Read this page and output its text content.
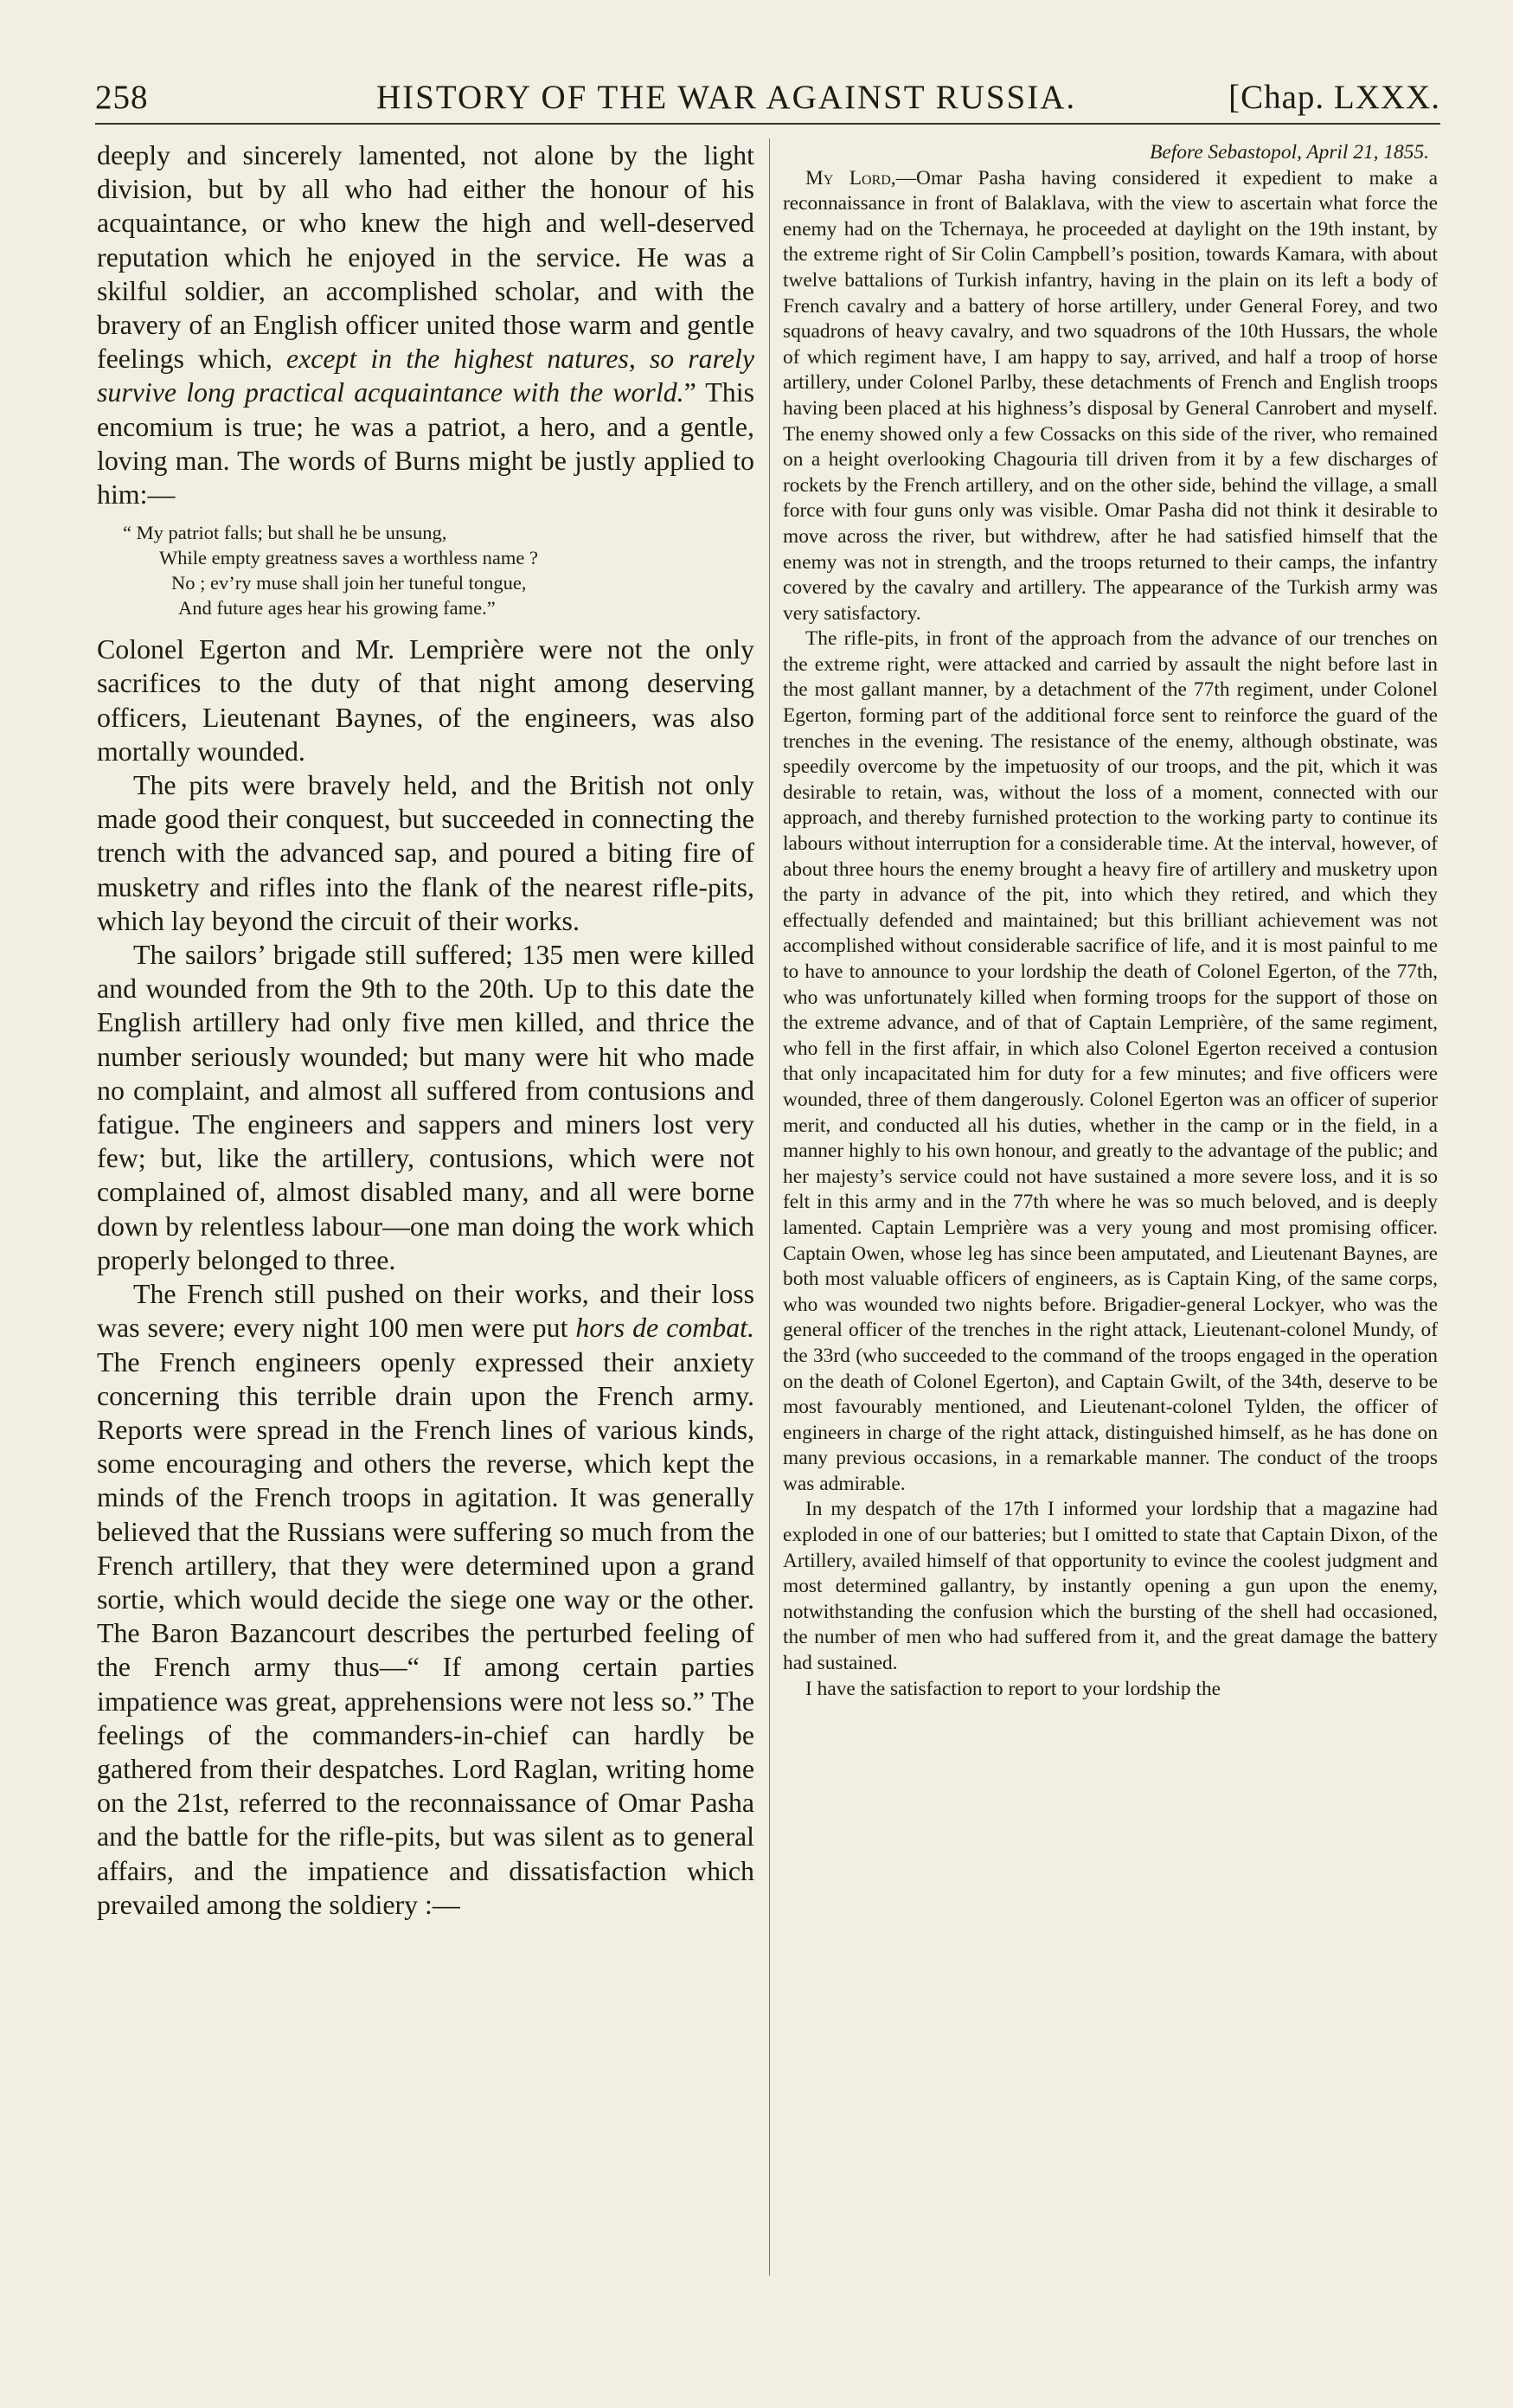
258	HISTORY OF THE WAR AGAINST RUSSIA.	[Chap. LXXX.

deeply and sincerely lamented, not alone by the light division, but by all who had either the honour of his acquaintance, or who knew the high and well-deserved reputation which he enjoyed in the service. He was a skilful soldier, an accomplished scholar, and with the bravery of an English officer united those warm and gentle feelings which, except in the highest natures, so rarely survive long practical acquaintance with the world.” This encomium is true; he was a patriot, a hero, and a gentle, loving man. The words of Burns might be justly applied to him:—

“ My patriot falls; but shall he be unsung,
While empty greatness saves a worthless name ?
No ; ev’ry muse shall join her tuneful tongue,
And future ages hear his growing fame.”

Colonel Egerton and Mr. Lemprière were not the only sacrifices to the duty of that night among deserving officers, Lieutenant Baynes, of the engineers, was also mortally wounded.

The pits were bravely held, and the British not only made good their conquest, but succeeded in connecting the trench with the advanced sap, and poured a biting fire of musketry and rifles into the flank of the nearest rifle-pits, which lay beyond the circuit of their works.

The sailors’ brigade still suffered; 135 men were killed and wounded from the 9th to the 20th. Up to this date the English artillery had only five men killed, and thrice the number seriously wounded; but many were hit who made no complaint, and almost all suffered from contusions and fatigue. The engineers and sappers and miners lost very few; but, like the artillery, contusions, which were not complained of, almost disabled many, and all were borne down by relentless labour—one man doing the work which properly belonged to three.

The French still pushed on their works, and their loss was severe; every night 100 men were put hors de combat. The French engineers openly expressed their anxiety concerning this terrible drain upon the French army. Reports were spread in the French lines of various kinds, some encouraging and others the reverse, which kept the minds of the French troops in agitation. It was generally believed that the Russians were suffering so much from the French artillery, that they were determined upon a grand sortie, which would decide the siege one way or the other. The Baron Bazancourt describes the perturbed feeling of the French army thus—“ If among certain parties impatience was great, apprehensions were not less so.” The feelings of the commanders-in-chief can hardly be gathered from their despatches. Lord Raglan, writing home on the 21st, referred to the reconnaissance of Omar Pasha and the battle for the rifle-pits, but was silent as to general affairs, and the impatience and dissatisfaction which prevailed among the soldiery :—

Before Sebastopol, April 21, 1855.

My Lord,—Omar Pasha having considered it expedient to make a reconnaissance in front of Balaklava, with the view to ascertain what force the enemy had on the Tchernaya, he proceeded at daylight on the 19th instant, by the extreme right of Sir Colin Campbell’s position, towards Kamara, with about twelve battalions of Turkish infantry, having in the plain on its left a body of French cavalry and a battery of horse artillery, under General Forey, and two squadrons of heavy cavalry, and two squadrons of the 10th Hussars, the whole of which regiment have, I am happy to say, arrived, and half a troop of horse artillery, under Colonel Parlby, these detachments of French and English troops having been placed at his highness’s disposal by General Canrobert and myself. The enemy showed only a few Cossacks on this side of the river, who remained on a height overlooking Chagouria till driven from it by a few discharges of rockets by the French artillery, and on the other side, behind the village, a small force with four guns only was visible. Omar Pasha did not think it desirable to move across the river, but withdrew, after he had satisfied himself that the enemy was not in strength, and the troops returned to their camps, the infantry covered by the cavalry and artillery. The appearance of the Turkish army was very satisfactory.

The rifle-pits, in front of the approach from the advance of our trenches on the extreme right, were attacked and carried by assault the night before last in the most gallant manner, by a detachment of the 77th regiment, under Colonel Egerton, forming part of the additional force sent to reinforce the guard of the trenches in the evening. The resistance of the enemy, although obstinate, was speedily overcome by the impetuosity of our troops, and the pit, which it was desirable to retain, was, without the loss of a moment, connected with our approach, and thereby furnished protection to the working party to continue its labours without interruption for a considerable time. At the interval, however, of about three hours the enemy brought a heavy fire of artillery and musketry upon the party in advance of the pit, into which they retired, and which they effectually defended and maintained; but this brilliant achievement was not accomplished without considerable sacrifice of life, and it is most painful to me to have to announce to your lordship the death of Colonel Egerton, of the 77th, who was unfortunately killed when forming troops for the support of those on the extreme advance, and of that of Captain Lemprière, of the same regiment, who fell in the first affair, in which also Colonel Egerton received a contusion that only incapacitated him for duty for a few minutes; and five officers were wounded, three of them dangerously. Colonel Egerton was an officer of superior merit, and conducted all his duties, whether in the camp or in the field, in a manner highly to his own honour, and greatly to the advantage of the public; and her majesty’s service could not have sustained a more severe loss, and it is so felt in this army and in the 77th where he was so much beloved, and is deeply lamented. Captain Lemprière was a very young and most promising officer. Captain Owen, whose leg has since been amputated, and Lieutenant Baynes, are both most valuable officers of engineers, as is Captain King, of the same corps, who was wounded two nights before. Brigadier-general Lockyer, who was the general officer of the trenches in the right attack, Lieutenant-colonel Mundy, of the 33rd (who succeeded to the command of the troops engaged in the operation on the death of Colonel Egerton), and Captain Gwilt, of the 34th, deserve to be most favourably mentioned, and Lieutenant-colonel Tylden, the officer of engineers in charge of the right attack, distinguished himself, as he has done on many previous occasions, in a remarkable manner. The conduct of the troops was admirable.

In my despatch of the 17th I informed your lordship that a magazine had exploded in one of our batteries; but I omitted to state that Captain Dixon, of the Artillery, availed himself of that opportunity to evince the coolest judgment and most determined gallantry, by instantly opening a gun upon the enemy, notwithstanding the confusion which the bursting of the shell had occasioned, the number of men who had suffered from it, and the great damage the battery had sustained.

I have the satisfaction to report to your lordship the
